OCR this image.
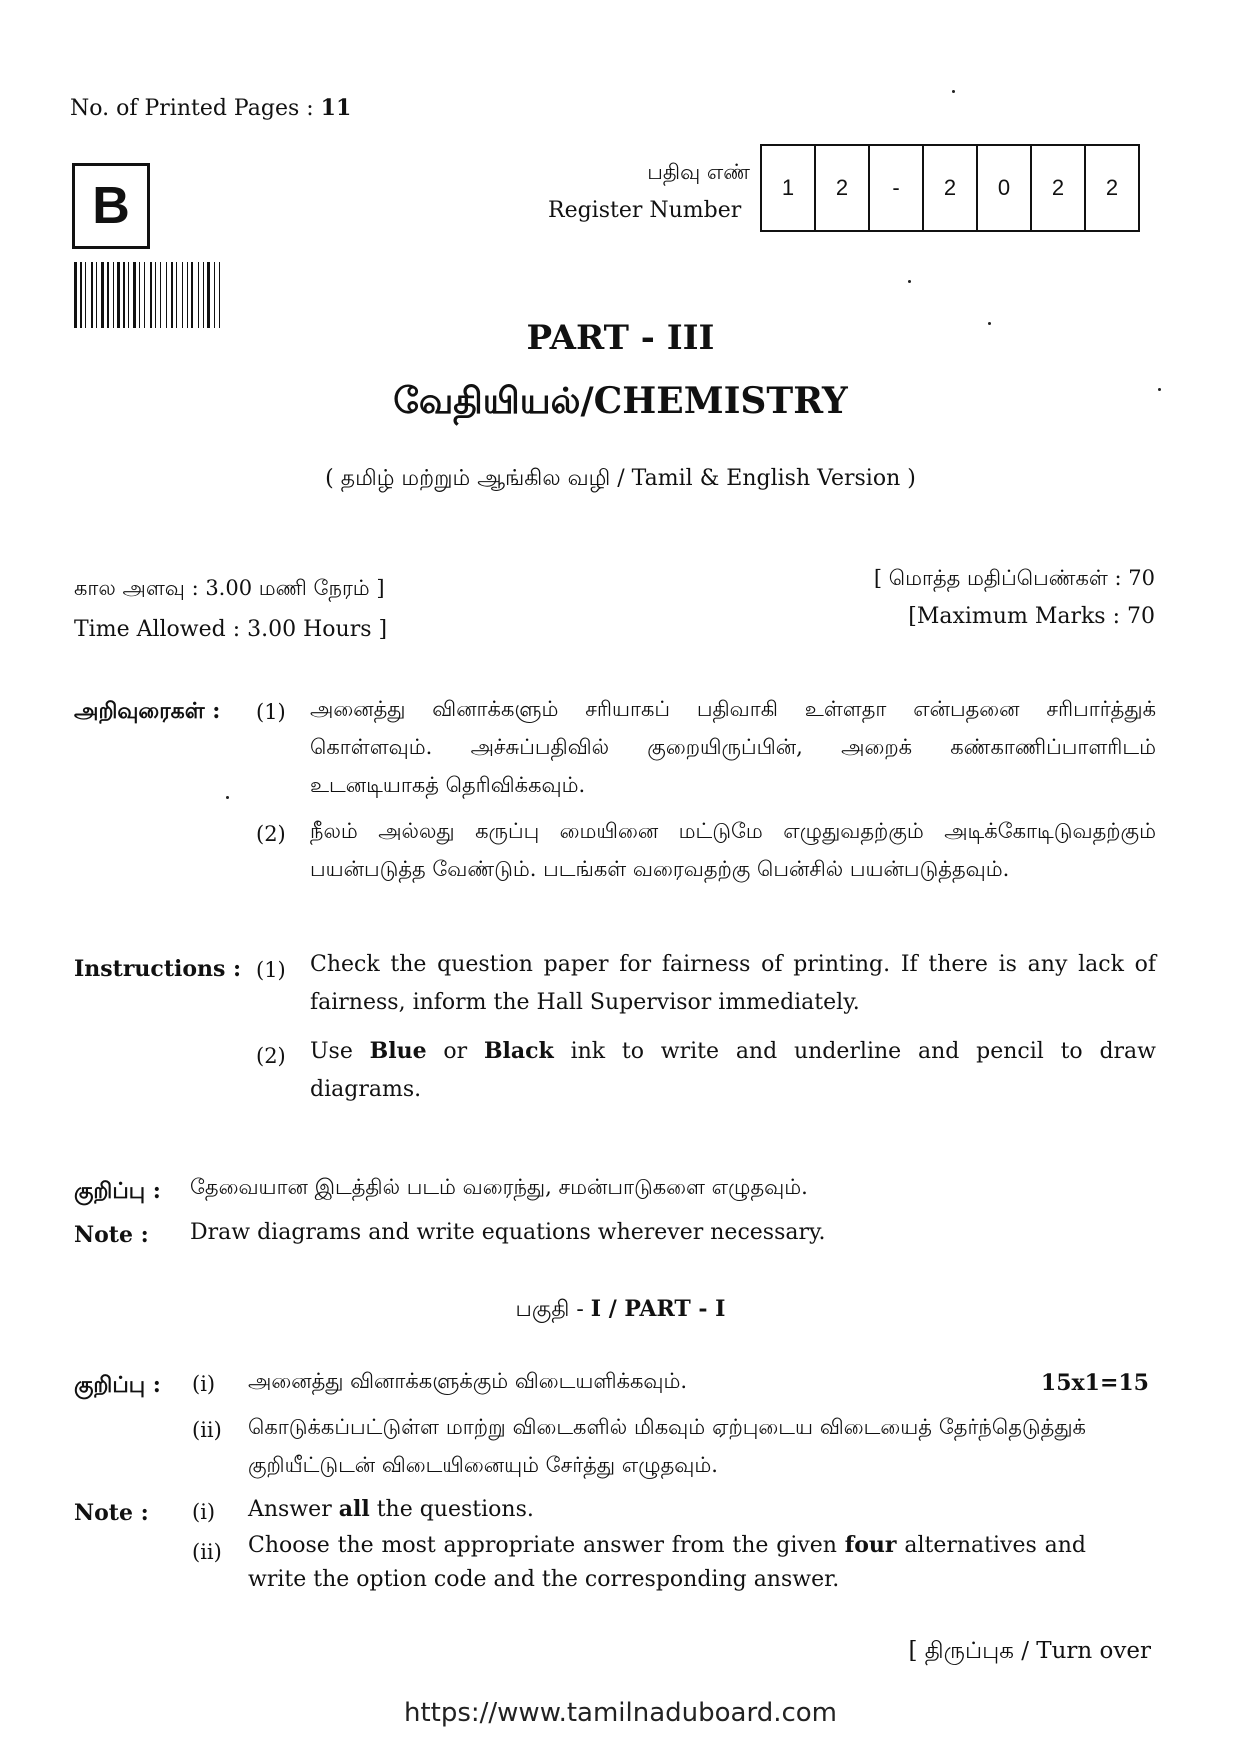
No. of Printed Pages : 11
B
பதிவு எண்
Register Number
1	2	-	2	0	2	2
PART - III
வேதியியல்/CHEMISTRY
( தமிழ் மற்றும் ஆங்கில வழி / Tamil & English Version )
கால அளவு : 3.00 மணி நேரம் ]
Time Allowed : 3.00 Hours ]
[ மொத்த மதிப்பெண்கள் : 70
[Maximum Marks : 70
அறிவுரைகள் : (1) அனைத்து வினாக்களும் சரியாகப் பதிவாகி உள்ளதா என்பதனை சரிபார்த்துக் கொள்ளவும். அச்சுப்பதிவில் குறையிருப்பின், அறைக் கண்காணிப்பாளரிடம் உடனடியாகத் தெரிவிக்கவும்.
(2) நீலம் அல்லது கருப்பு மையினை மட்டுமே எழுதுவதற்கும் அடிக்கோடிடுவதற்கும் பயன்படுத்த வேண்டும். படங்கள் வரைவதற்கு பென்சில் பயன்படுத்தவும்.
Instructions : (1) Check the question paper for fairness of printing. If there is any lack of fairness, inform the Hall Supervisor immediately.
(2) Use Blue or Black ink to write and underline and pencil to draw diagrams.
குறிப்பு : தேவையான இடத்தில் படம் வரைந்து, சமன்பாடுகளை எழுதவும்.
Note : Draw diagrams and write equations wherever necessary.
பகுதி - I / PART - I
குறிப்பு : (i) அனைத்து வினாக்களுக்கும் விடையளிக்கவும்.	15x1=15
(ii) கொடுக்கப்பட்டுள்ள மாற்று விடைகளில் மிகவும் ஏற்புடைய விடையைத் தேர்ந்தெடுத்துக் குறியீட்டுடன் விடையினையும் சேர்த்து எழுதவும்.
Note : (i) Answer all the questions.
(ii) Choose the most appropriate answer from the given four alternatives and write the option code and the corresponding answer.
[ திருப்புக / Turn over
https://www.tamilnaduboard.com
